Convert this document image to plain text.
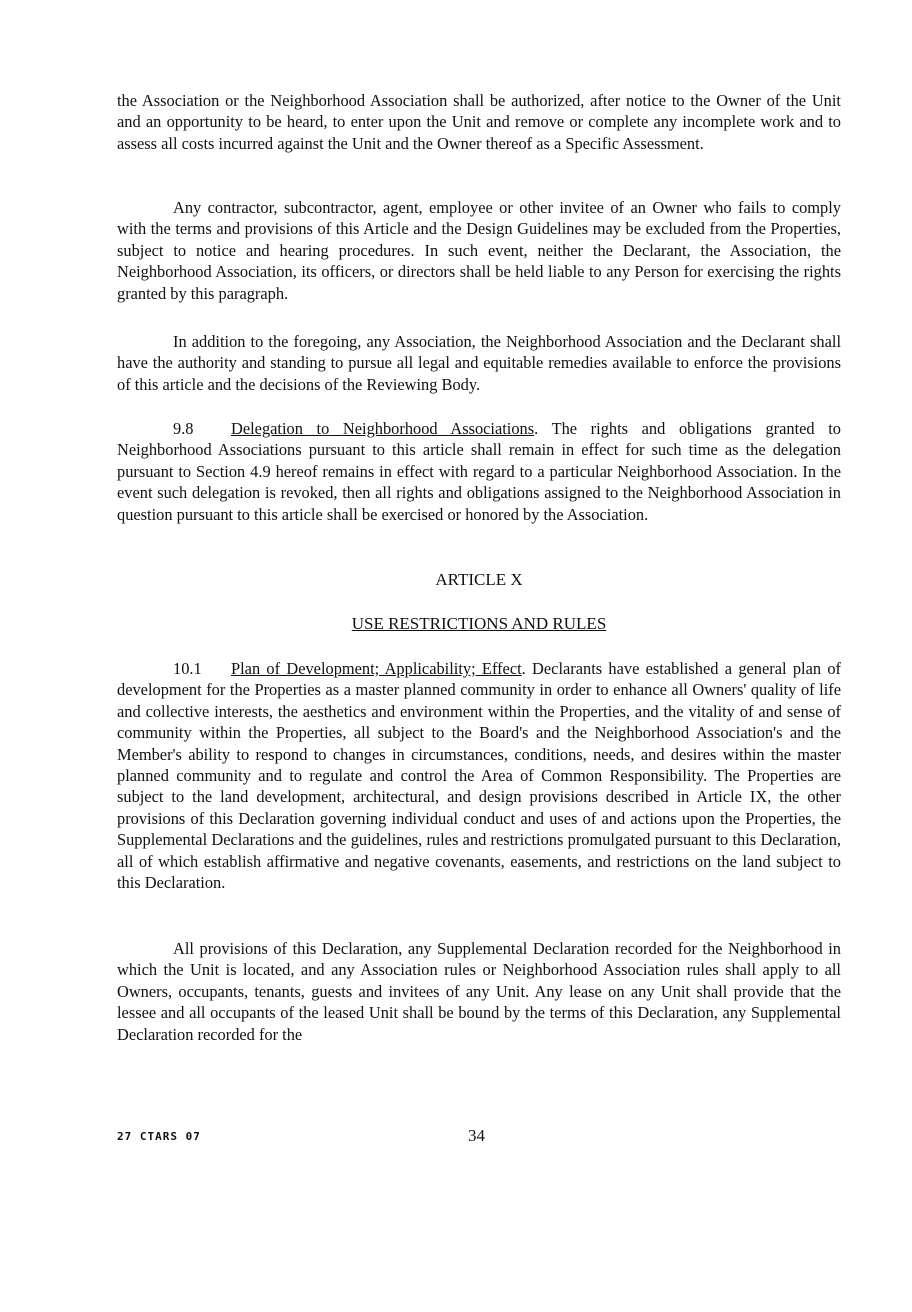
the Association or the Neighborhood Association shall be authorized, after notice to the Owner of the Unit and an opportunity to be heard, to enter upon the Unit and remove or complete any incomplete work and to assess all costs incurred against the Unit and the Owner thereof as a Specific Assessment.

Any contractor, subcontractor, agent, employee or other invitee of an Owner who fails to comply with the terms and provisions of this Article and the Design Guidelines may be excluded from the Properties, subject to notice and hearing procedures. In such event, neither the Declarant, the Association, the Neighborhood Association, its officers, or directors shall be held liable to any Person for exercising the rights granted by this paragraph.

In addition to the foregoing, any Association, the Neighborhood Association and the Declarant shall have the authority and standing to pursue all legal and equitable remedies available to enforce the provisions of this article and the decisions of the Reviewing Body.

9.8 Delegation to Neighborhood Associations. The rights and obligations granted to Neighborhood Associations pursuant to this article shall remain in effect for such time as the delegation pursuant to Section 4.9 hereof remains in effect with regard to a particular Neighborhood Association. In the event such delegation is revoked, then all rights and obligations assigned to the Neighborhood Association in question pursuant to this article shall be exercised or honored by the Association.

ARTICLE X

USE RESTRICTIONS AND RULES

10.1 Plan of Development; Applicability; Effect. Declarants have established a general plan of development for the Properties as a master planned community in order to enhance all Owners' quality of life and collective interests, the aesthetics and environment within the Properties, and the vitality of and sense of community within the Properties, all subject to the Board's and the Neighborhood Association's and the Member's ability to respond to changes in circumstances, conditions, needs, and desires within the master planned community and to regulate and control the Area of Common Responsibility. The Properties are subject to the land development, architectural, and design provisions described in Article IX, the other provisions of this Declaration governing individual conduct and uses of and actions upon the Properties, the Supplemental Declarations and the guidelines, rules and restrictions promulgated pursuant to this Declaration, all of which establish affirmative and negative covenants, easements, and restrictions on the land subject to this Declaration.

All provisions of this Declaration, any Supplemental Declaration recorded for the Neighborhood in which the Unit is located, and any Association rules or Neighborhood Association rules shall apply to all Owners, occupants, tenants, guests and invitees of any Unit. Any lease on any Unit shall provide that the lessee and all occupants of the leased Unit shall be bound by the terms of this Declaration, any Supplemental Declaration recorded for the

27 CTARS 07	34
